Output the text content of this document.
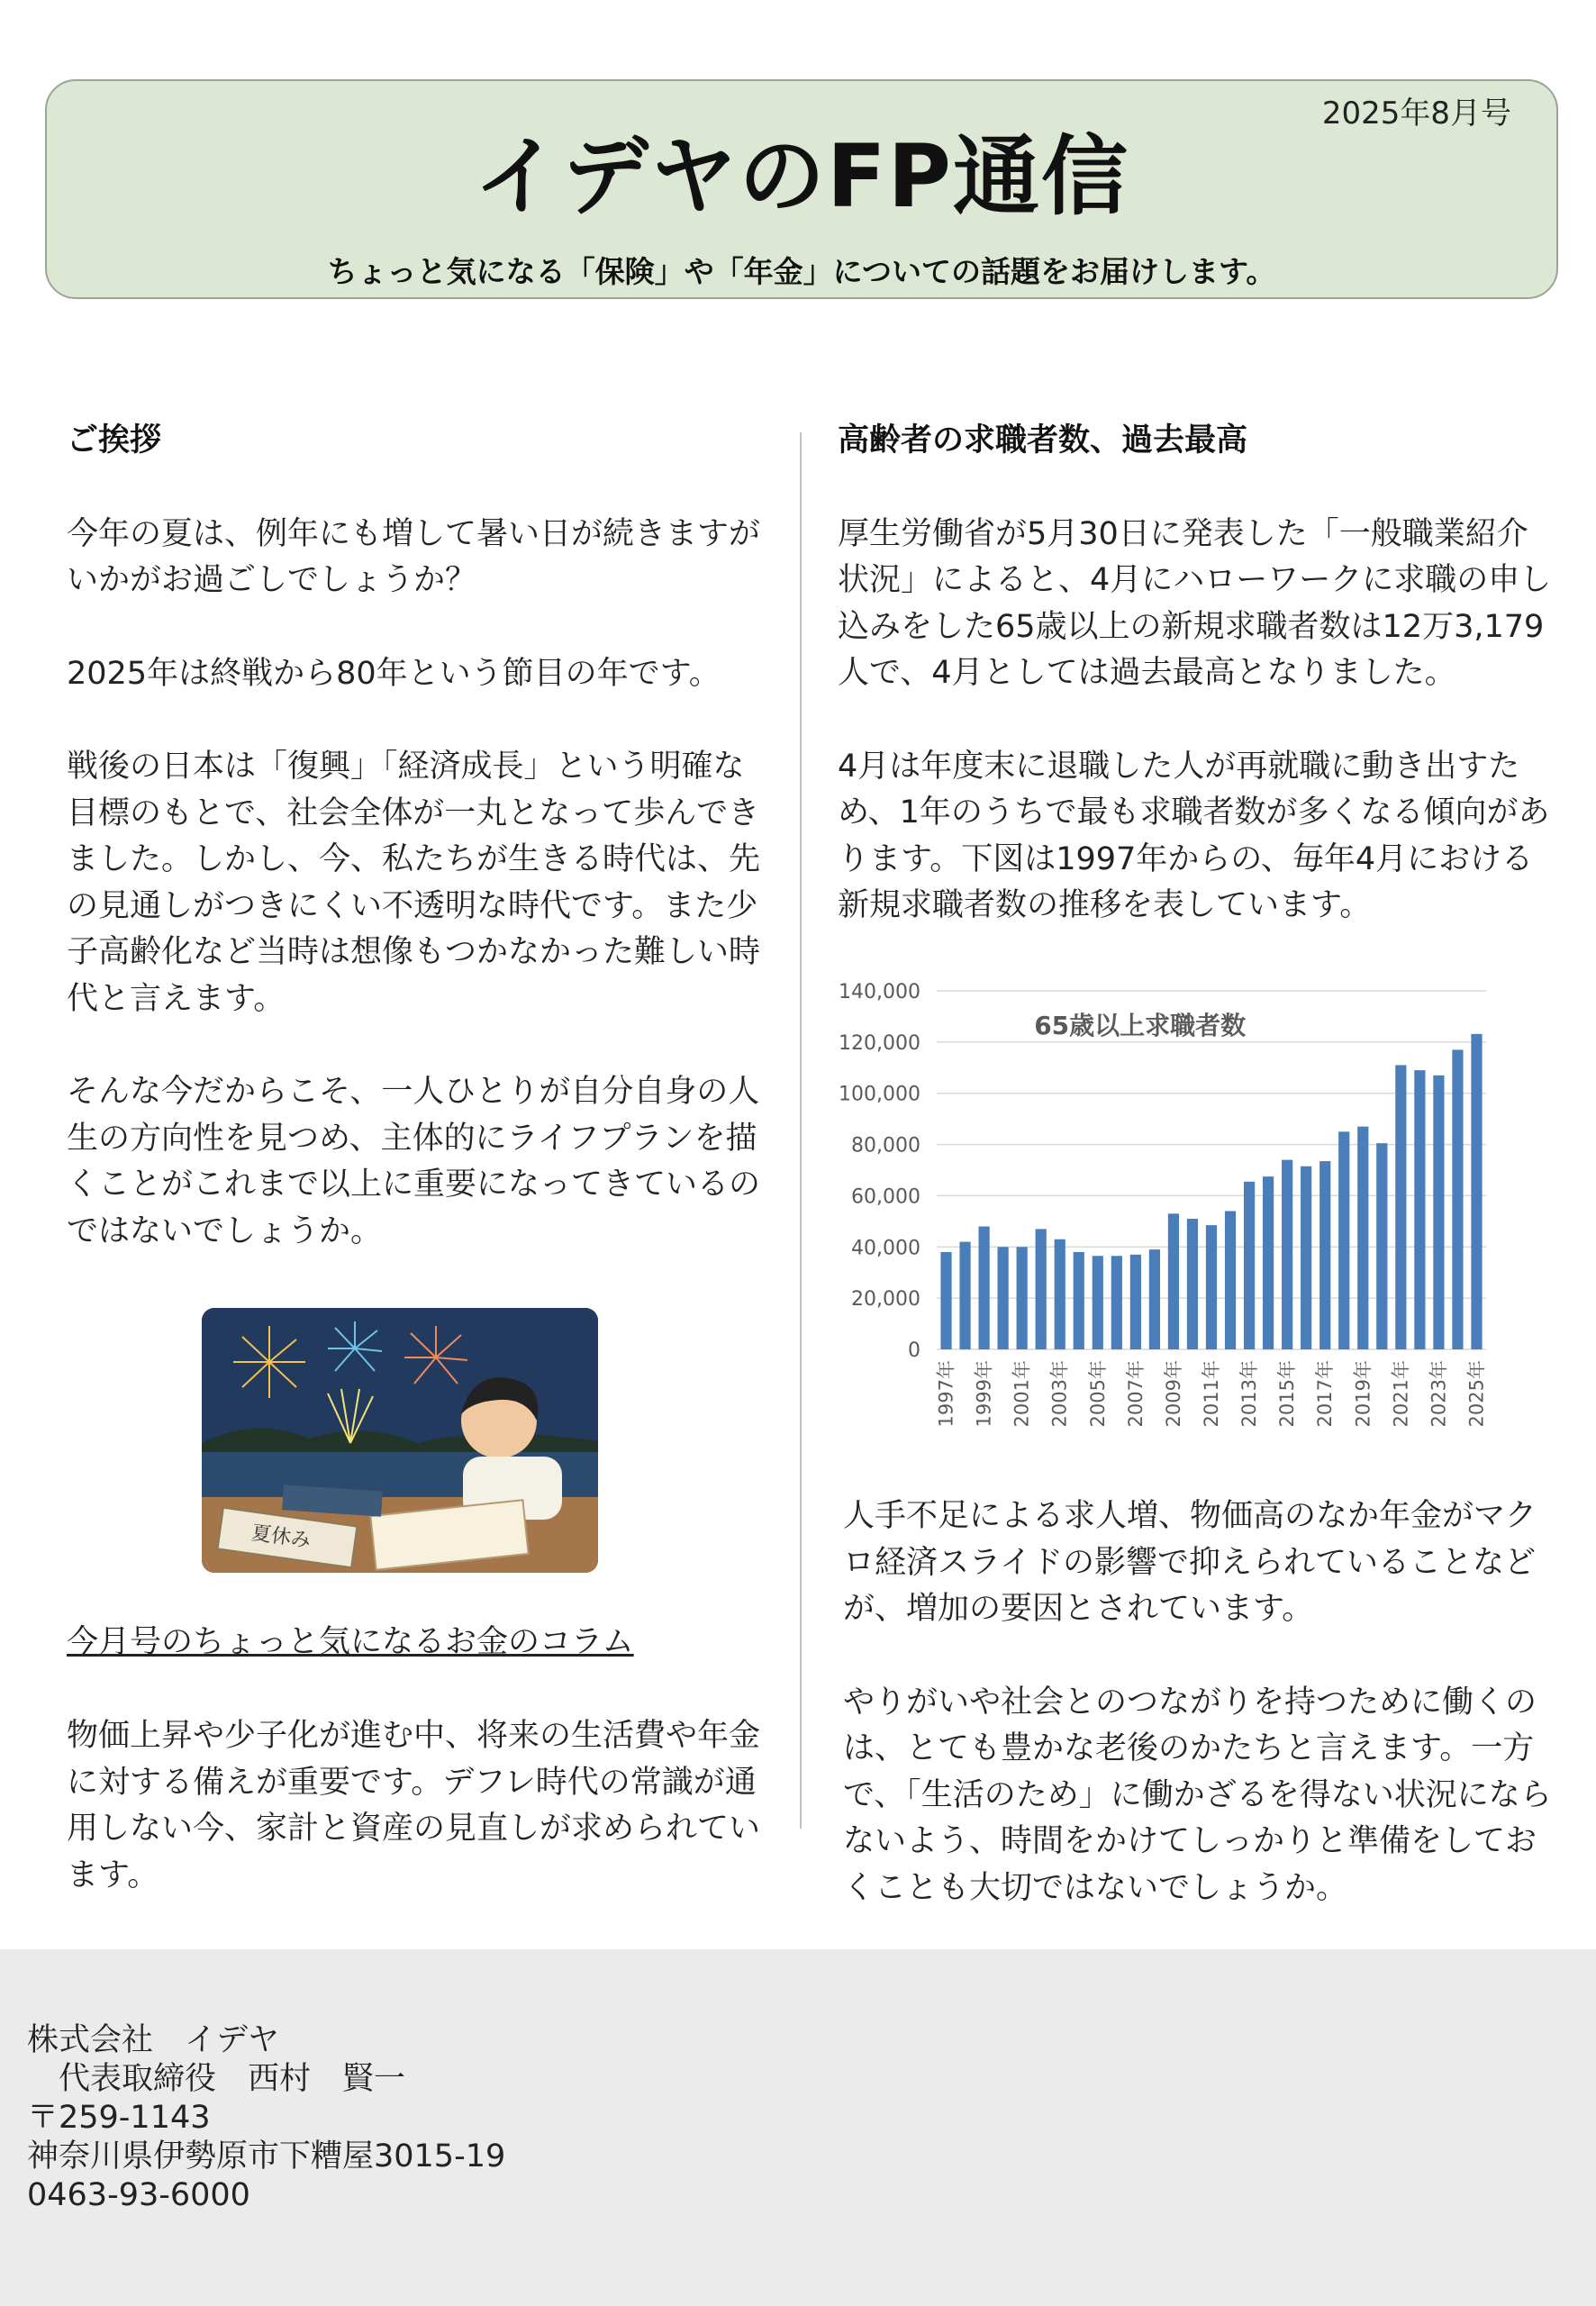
2025年8月号
イデヤのFP通信
ちょっと気になる「保険」や「年金」についての話題をお届けします。
ご挨拶

今年の夏は、例年にも増して暑い日が続きますがいかがお過ごしでしょうか？

2025年は終戦から80年という節目の年です。

戦後の日本は「復興」「経済成長」という明確な目標のもとで、社会全体が一丸となって歩んできました。しかし、今、私たちが生きる時代は、先の見通しがつきにくい不透明な時代です。また少子高齢化など当時は想像もつかなかった難しい時代と言えます。

そんな今だからこそ、一人ひとりが自分自身の人生の方向性を見つめ、主体的にライフプランを描くことがこれまで以上に重要になってきているのではないでしょうか。

夏休み
今月号のちょっと気になるお金のコラム

物価上昇や少子化が進む中、将来の生活費や年金に対する備えが重要です。デフレ時代の常識が通用しない今、家計と資産の見直しが求められています。

高齢者の求職者数、過去最高

厚生労働省が5月30日に発表した「一般職業紹介状況」によると、4月にハローワークに求職の申し込みをした65歳以上の新規求職者数は12万3,179人で、4月としては過去最高となりました。

4月は年度末に退職した人が再就職に動き出すため、1年のうちで最も求職者数が多くなる傾向があります。下図は1997年からの、毎年4月における新規求職者数の推移を表しています。

0
20,000
40,000
60,000
80,000
100,000
120,000
140,000
65歳以上求職者数
1997年 1999年 2001年 2003年 2005年 2007年 2009年 2011年 2013年 2015年 2017年 2019年 2021年 2023年 2025年

人手不足による求人増、物価高のなか年金がマクロ経済スライドの影響で抑えられていることなどが、増加の要因とされています。

やりがいや社会とのつながりを持つために働くのは、とても豊かな老後のかたちと言えます。一方で、「生活のため」に働かざるを得ない状況にならないよう、時間をかけてしっかりと準備をしておくことも大切ではないでしょうか。

株式会社　イデヤ
　代表取締役　西村　賢一
〒259-1143
神奈川県伊勢原市下糟屋3015-19
0463-93-6000
